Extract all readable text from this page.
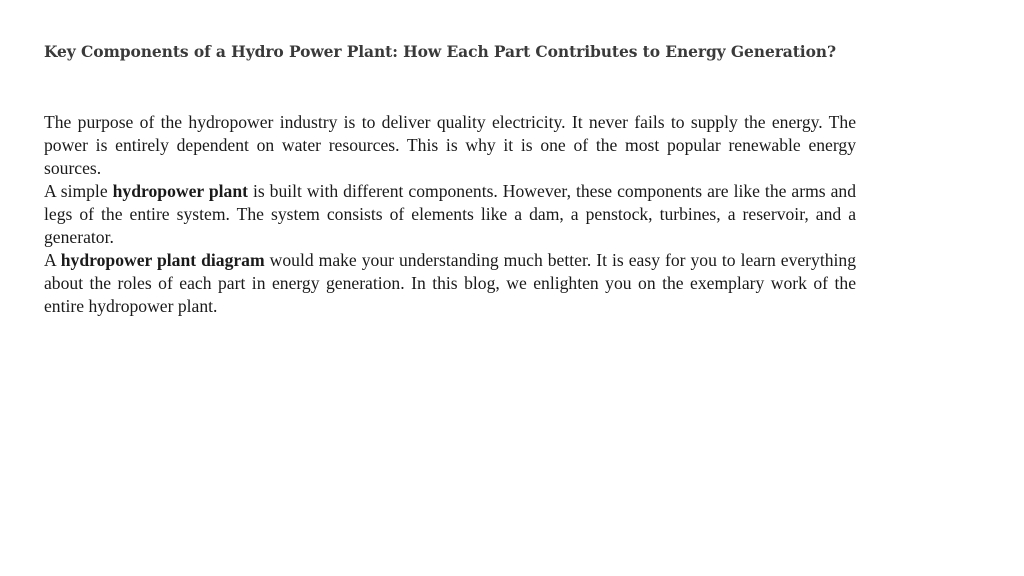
Key Components of a Hydro Power Plant: How Each Part Contributes to Energy Generation?

The purpose of the hydropower industry is to deliver quality electricity. It never fails to supply the energy. The power is entirely dependent on water resources. This is why it is one of the most popular renewable energy sources.

A simple hydropower plant is built with different components. However, these components are like the arms and legs of the entire system. The system consists of elements like a dam, a penstock, turbines, a reservoir, and a generator.

A hydropower plant diagram would make your understanding much better. It is easy for you to learn everything about the roles of each part in energy generation. In this blog, we enlighten you on the exemplary work of the entire hydropower plant.
